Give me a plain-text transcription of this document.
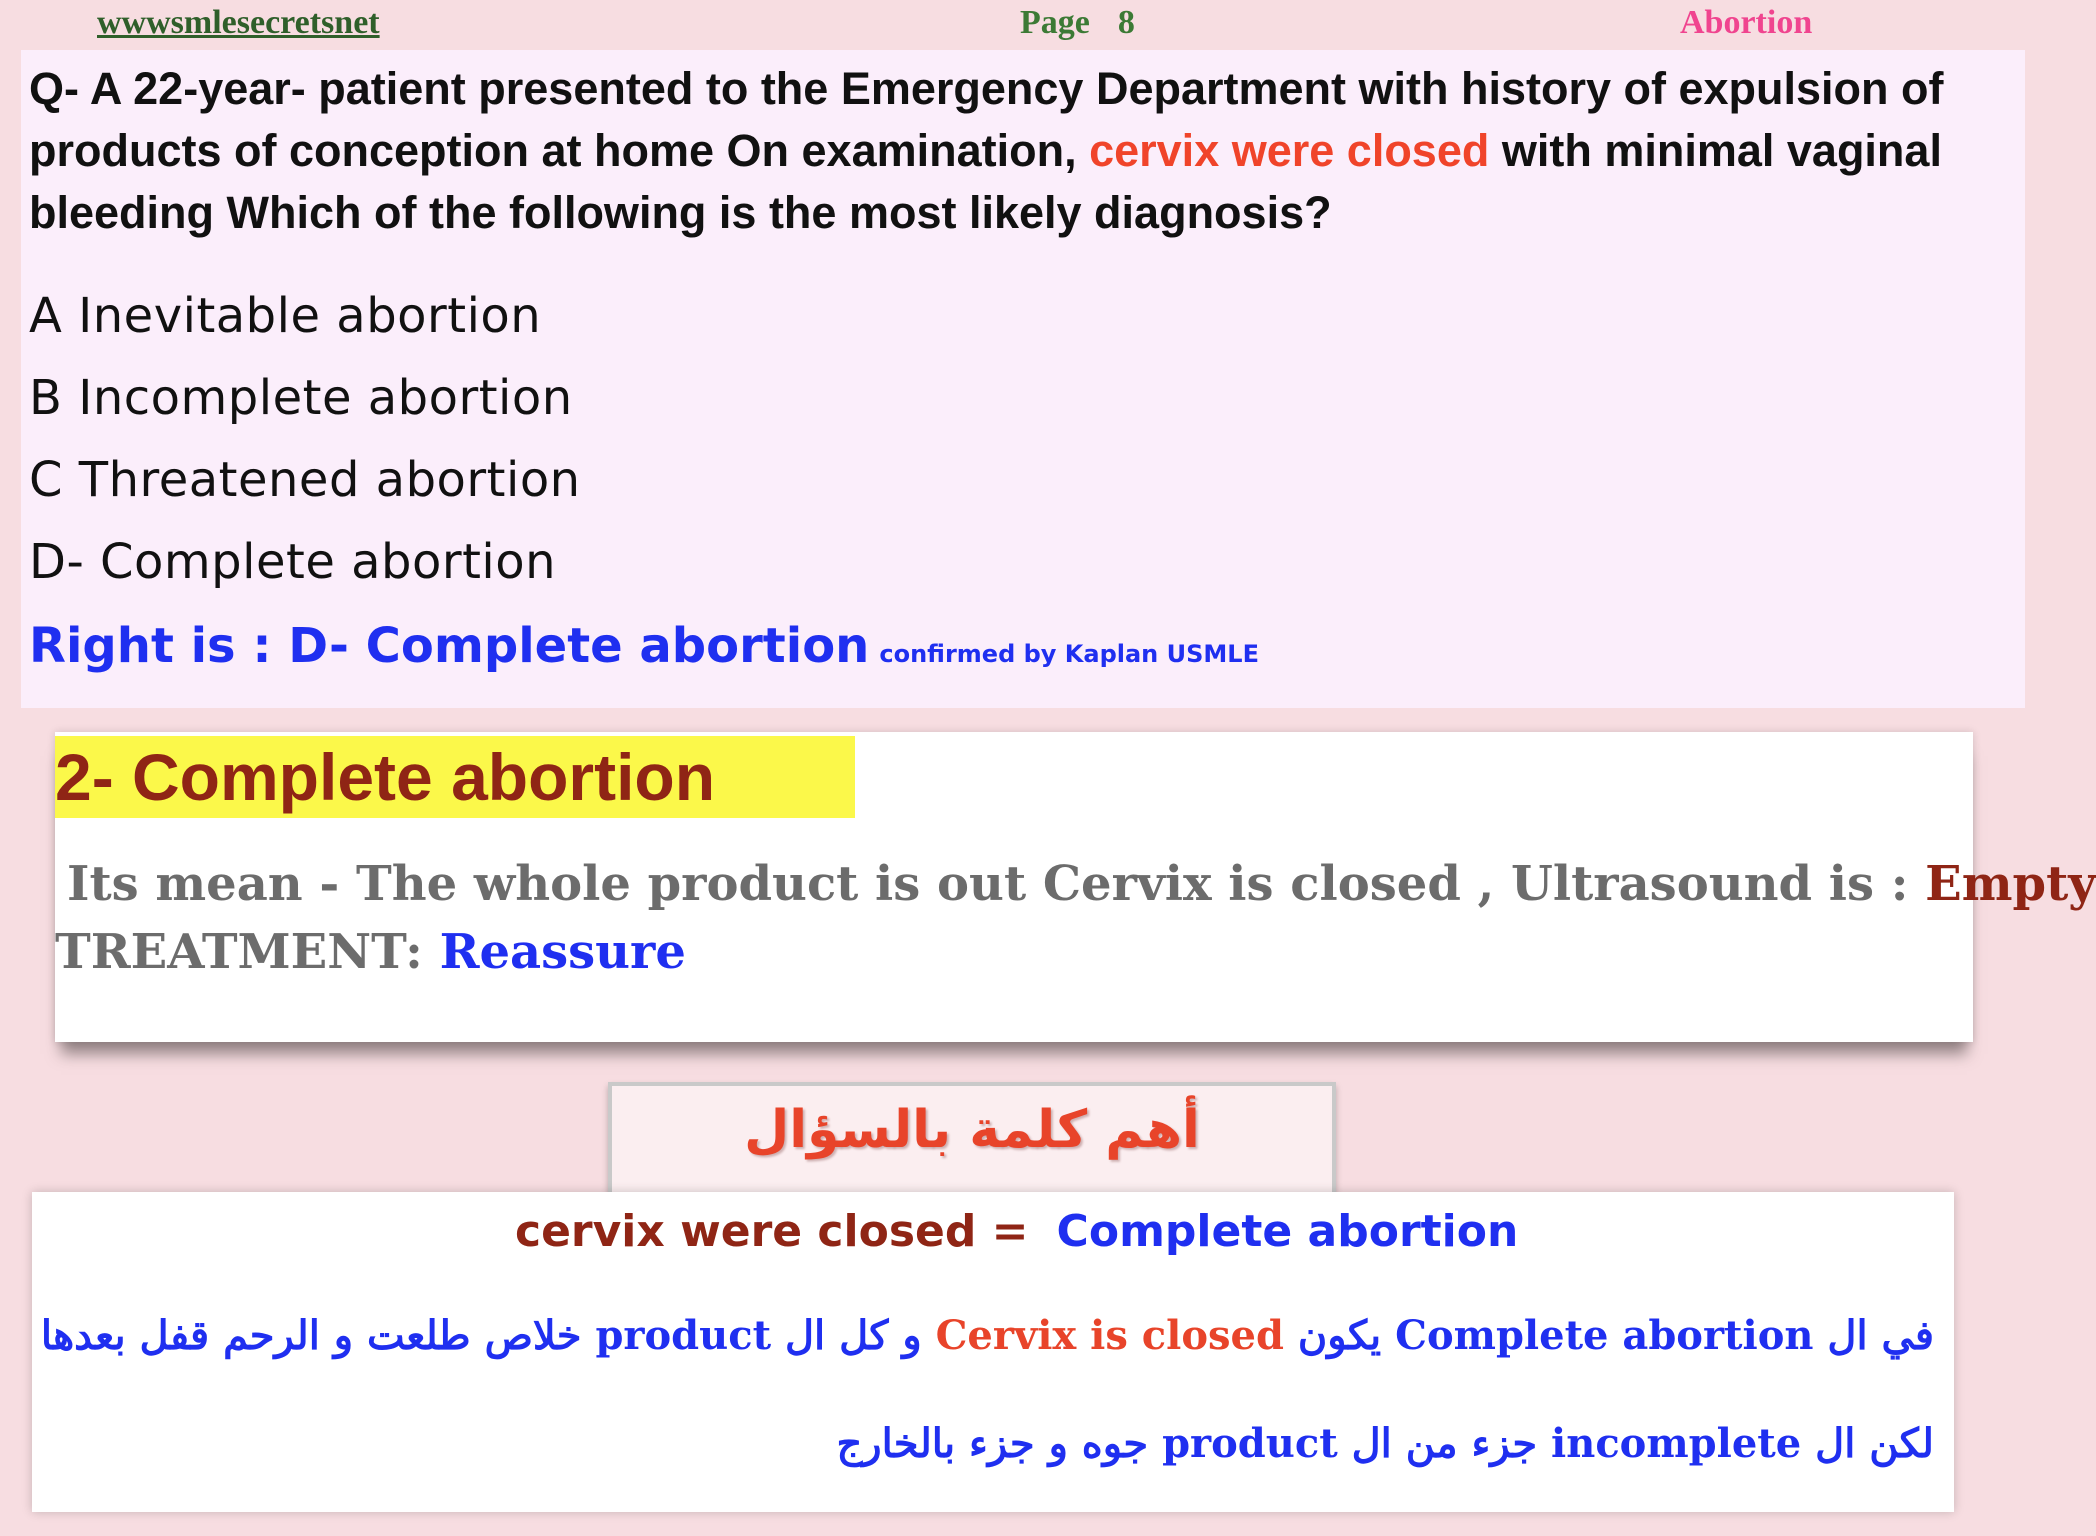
wwwsmlesecretsnet	Page 8	Abortion
Q- A 22-year- patient presented to the Emergency Department with history of expulsion of products of conception at home On examination, cervix were closed with minimal vaginal bleeding Which of the following is the most likely diagnosis?
A Inevitable abortion
B Incomplete abortion
C Threatened abortion
D- Complete abortion
Right is : D- Complete abortion confirmed by Kaplan USMLE
2- Complete abortion
Its mean - The whole product is out Cervix is closed , Ultrasound is : Empty
TREATMENT: Reassure
أهم كلمة بالسؤال
cervix were closed = Complete abortion
في ال Complete abortion يكون Cervix is closed و كل ال product خلاص طلعت و الرحم قفل بعدها
لكن ال incomplete جزء من ال product جوه و جزء بالخارج
